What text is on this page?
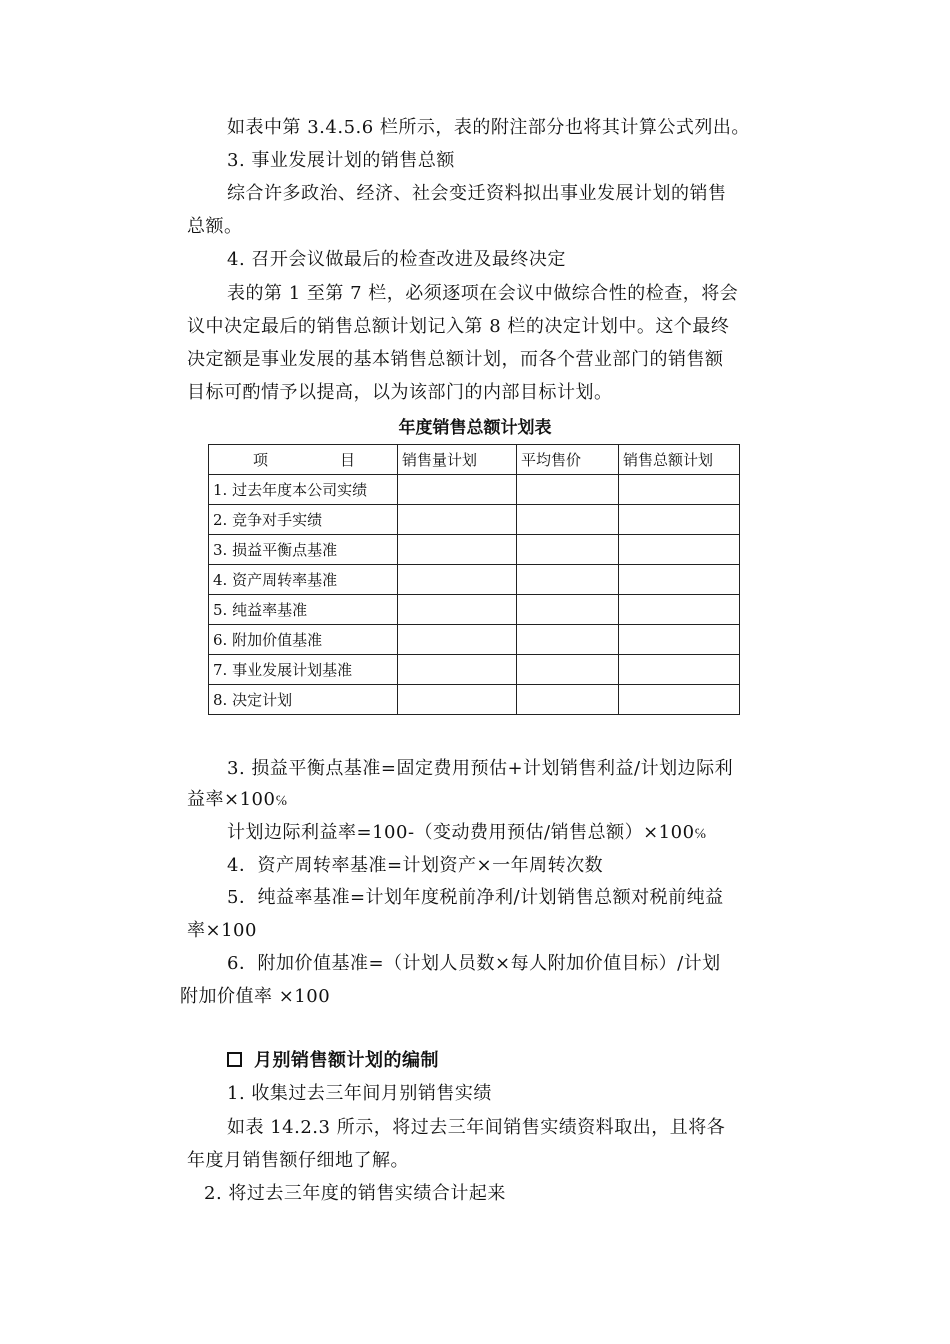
如表中第 3.4.5.6 栏所示，表的附注部分也将其计算公式列出。
3. 事业发展计划的销售总额
综合许多政治、经济、社会变迁资料拟出事业发展计划的销售
总额。
4. 召开会议做最后的检查改进及最终决定
表的第 1 至第 7 栏，必须逐项在会议中做综合性的检查，将会
议中决定最后的销售总额计划记入第 8 栏的决定计划中。这个最终
决定额是事业发展的基本销售总额计划，而各个营业部门的销售额
目标可酌情予以提高，以为该部门的内部目标计划。
年度销售总额计划表
项 目	销售量计划	平均售价	销售总额计划
1. 过去年度本公司实绩			
2. 竞争对手实绩			
3. 损益平衡点基准			
4. 资产周转率基准			
5. 纯益率基准			
6. 附加价值基准			
7. 事业发展计划基准			
8. 决定计划			
3. 损益平衡点基准=固定费用预估+计划销售利益/计划边际利
益率×100℅
计划边际利益率=100-（变动费用预估/销售总额）×100℅
4．资产周转率基准=计划资产×一年周转次数
5．纯益率基准=计划年度税前净利/计划销售总额对税前纯益
率×100
6．附加价值基准=（计划人员数×每人附加价值目标）/计划
附加价值率 ×100
月别销售额计划的编制
1. 收集过去三年间月别销售实绩
如表 14.2.3 所示，将过去三年间销售实绩资料取出，且将各
年度月销售额仔细地了解。
2. 将过去三年度的销售实绩合计起来
